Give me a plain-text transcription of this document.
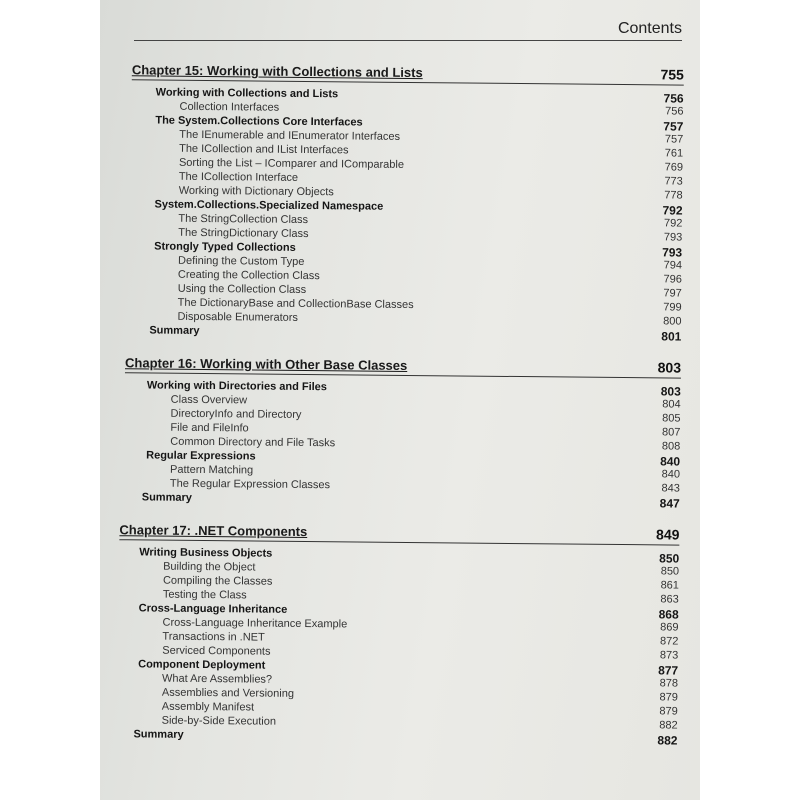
Contents
Chapter 15: Working with Collections and Lists	755
Working with Collections and Lists	756
Collection Interfaces	756
The System.Collections Core Interfaces	757
The IEnumerable and IEnumerator Interfaces	757
The ICollection and IList Interfaces	761
Sorting the List – IComparer and IComparable	769
The ICollection Interface	773
Working with Dictionary Objects	778
System.Collections.Specialized Namespace	792
The StringCollection Class	792
The StringDictionary Class	793
Strongly Typed Collections	793
Defining the Custom Type	794
Creating the Collection Class	796
Using the Collection Class	797
The DictionaryBase and CollectionBase Classes	799
Disposable Enumerators	800
Summary	801
Chapter 16: Working with Other Base Classes	803
Working with Directories and Files	803
Class Overview	804
DirectoryInfo and Directory	805
File and FileInfo	807
Common Directory and File Tasks	808
Regular Expressions	840
Pattern Matching	840
The Regular Expression Classes	843
Summary	847
Chapter 17: .NET Components	849
Writing Business Objects	850
Building the Object	850
Compiling the Classes	861
Testing the Class	863
Cross-Language Inheritance	868
Cross-Language Inheritance Example	869
Transactions in .NET	872
Serviced Components	873
Component Deployment	877
What Are Assemblies?	878
Assemblies and Versioning	879
Assembly Manifest	879
Side-by-Side Execution	882
Summary	882
